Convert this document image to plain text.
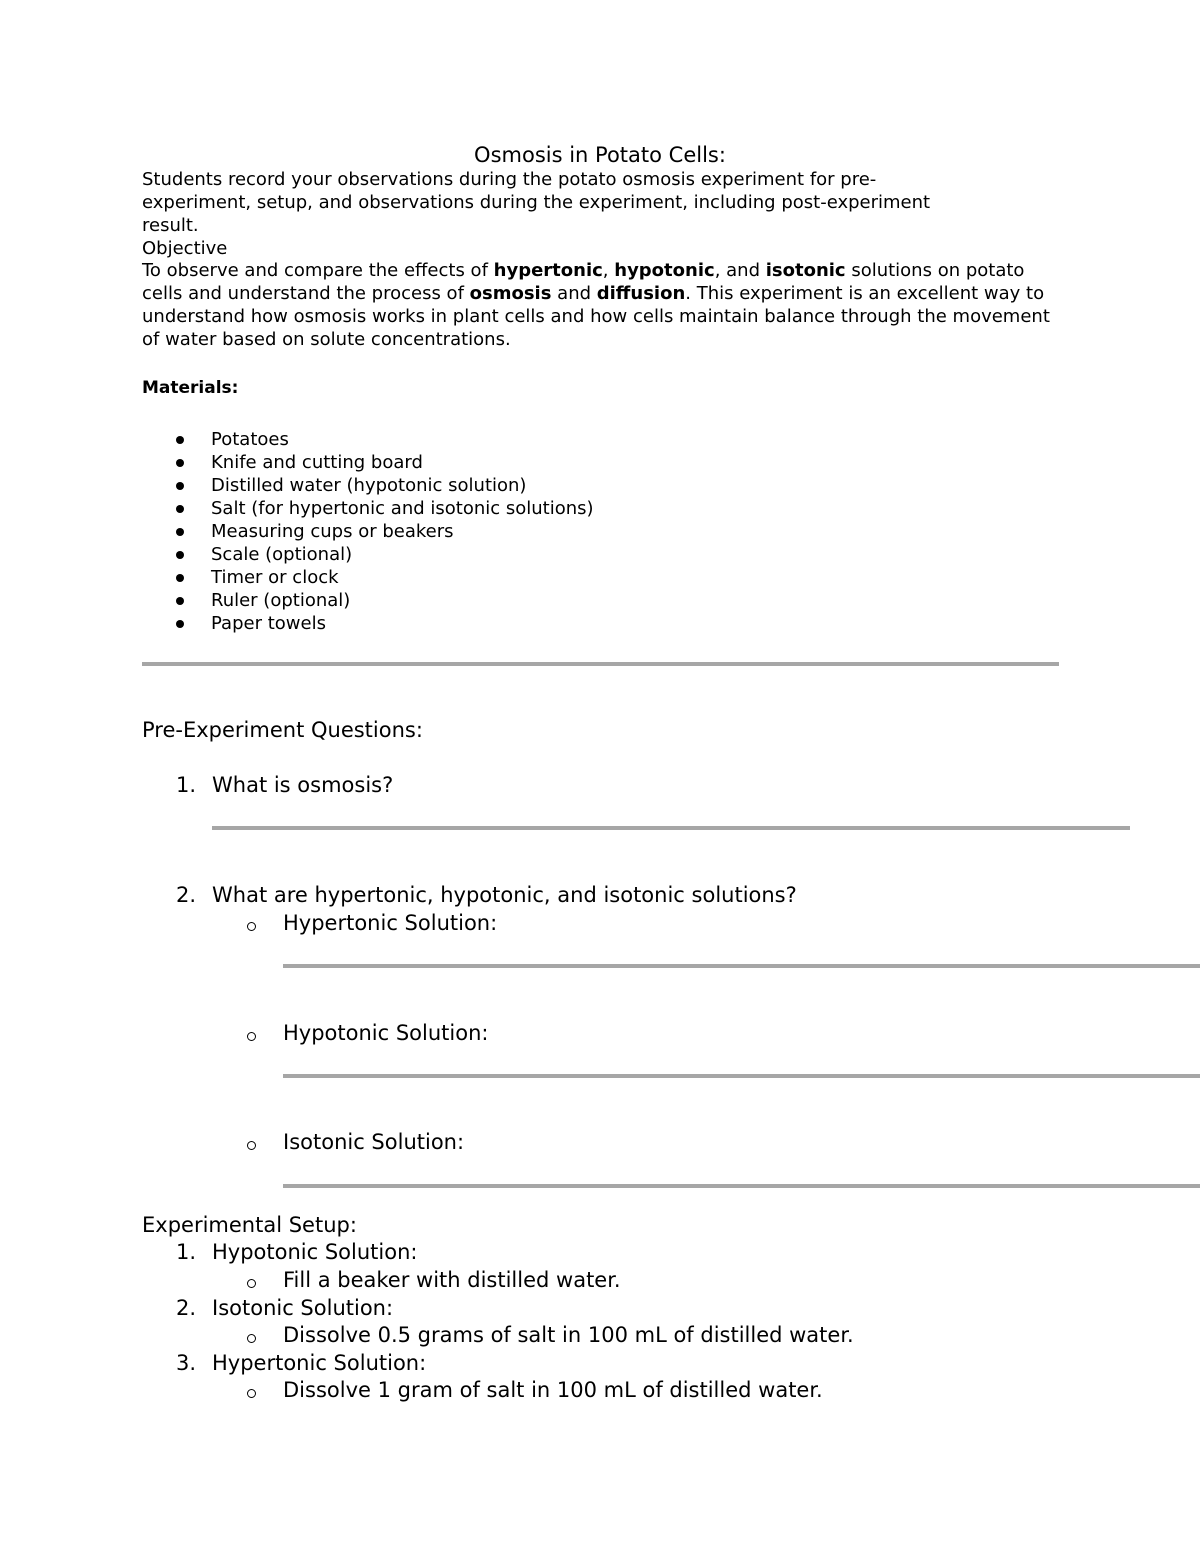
Osmosis in Potato Cells:
Students record your observations during the potato osmosis experiment for pre-
experiment, setup, and observations during the experiment, including post-experiment
result.
Objective
To observe and compare the effects of hypertonic, hypotonic, and isotonic solutions on potato cells and understand the process of osmosis and diffusion. This experiment is an excellent way to understand how osmosis works in plant cells and how cells maintain balance through the movement of water based on solute concentrations.
Materials:
Potatoes
Knife and cutting board
Distilled water (hypotonic solution)
Salt (for hypertonic and isotonic solutions)
Measuring cups or beakers
Scale (optional)
Timer or clock
Ruler (optional)
Paper towels
Pre-Experiment Questions:
1. What is osmosis?
2. What are hypertonic, hypotonic, and isotonic solutions?
Hypertonic Solution:
Hypotonic Solution:
Isotonic Solution:
Experimental Setup:
1. Hypotonic Solution:
Fill a beaker with distilled water.
2. Isotonic Solution:
Dissolve 0.5 grams of salt in 100 mL of distilled water.
3. Hypertonic Solution:
Dissolve 1 gram of salt in 100 mL of distilled water.
